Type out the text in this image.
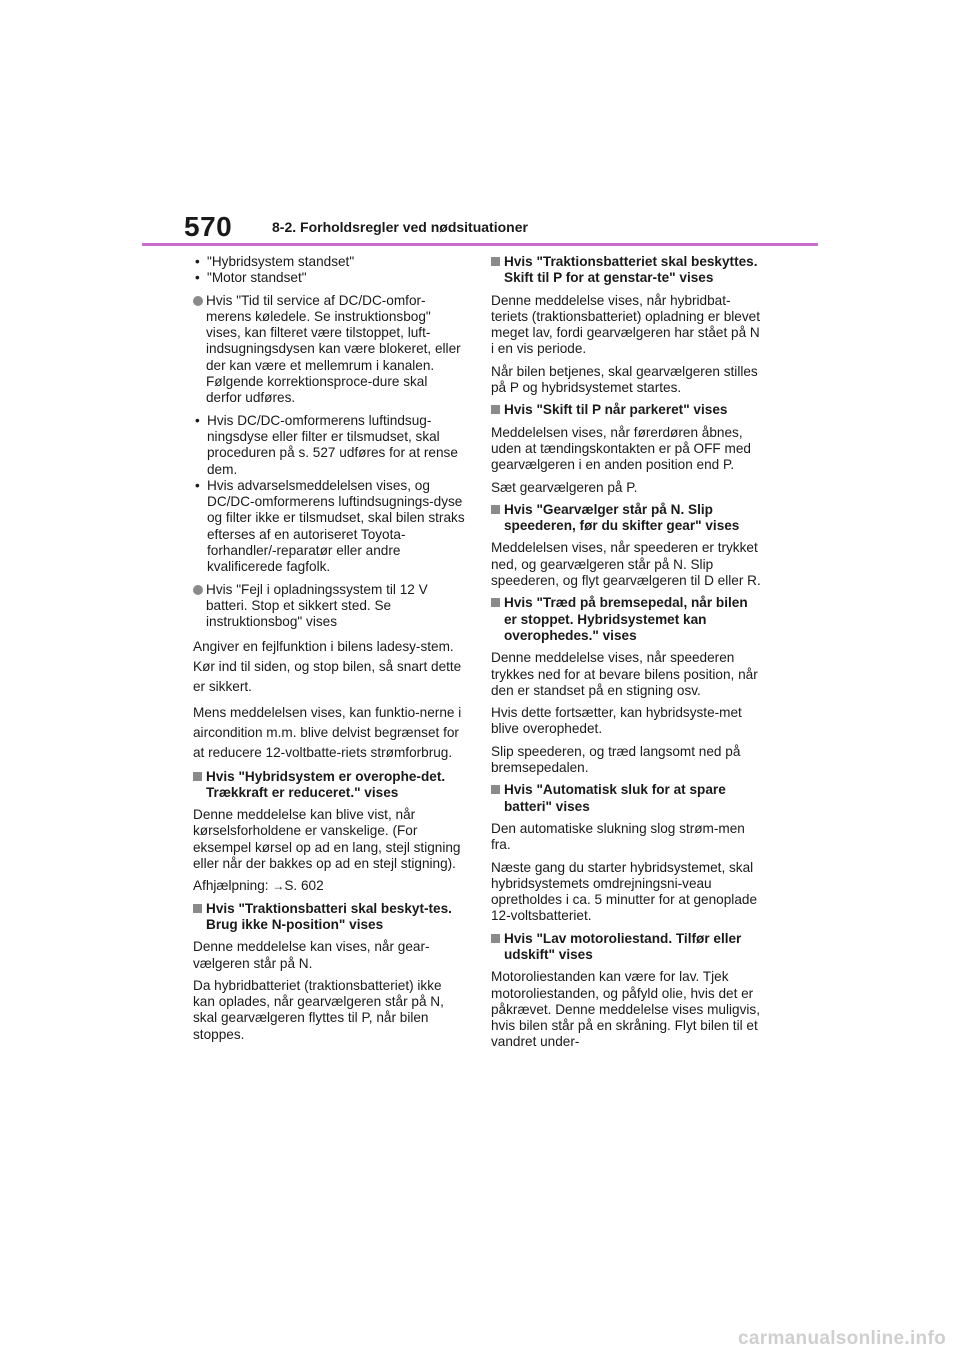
570	8-2. Forholdsregler ved nødsituationer

• "Hybridsystem standset"

• "Motor standset"

Hvis "Tid til service af DC/DC-omfor-merens køledele. Se instruktionsbog" vises, kan filteret være tilstoppet, luft-indsugningsdysen kan være blokeret, eller der kan være et mellemrum i kanalen. Følgende korrektionsproce-dure skal derfor udføres.

• Hvis DC/DC-omformerens luftindsug-ningsdyse eller filter er tilsmudset, skal proceduren på s. 527 udføres for at rense dem.

• Hvis advarselsmeddelelsen vises, og DC/DC-omformerens luftindsugnings-dyse og filter ikke er tilsmudset, skal bilen straks efterses af en autoriseret Toyota-forhandler/-reparatør eller andre kvalificerede fagfolk.

Hvis "Fejl i opladningssystem til 12 V batteri. Stop et sikkert sted. Se instruktionsbog" vises

Angiver en fejlfunktion i bilens ladesy-stem. Kør ind til siden, og stop bilen, så snart dette er sikkert.

Mens meddelelsen vises, kan funktio-nerne i aircondition m.m. blive delvist begrænset for at reducere 12-voltbatte-riets strømforbrug.

Hvis "Hybridsystem er overophe-det. Trækkraft er reduceret." vises

Denne meddelelse kan blive vist, når kørselsforholdene er vanskelige. (For eksempel kørsel op ad en lang, stejl stigning eller når der bakkes op ad en stejl stigning).

Afhjælpning: →S. 602

Hvis "Traktionsbatteri skal beskyt-tes. Brug ikke N-position" vises

Denne meddelelse kan vises, når gear-vælgeren står på N.

Da hybridbatteriet (traktionsbatteriet) ikke kan oplades, når gearvælgeren står på N, skal gearvælgeren flyttes til P, når bilen stoppes.

Hvis "Traktionsbatteriet skal beskyttes. Skift til P for at genstar-te" vises

Denne meddelelse vises, når hybridbat-teriets (traktionsbatteriet) opladning er blevet meget lav, fordi gearvælgeren har stået på N i en vis periode.

Når bilen betjenes, skal gearvælgeren stilles på P og hybridsystemet startes.

Hvis "Skift til P når parkeret" vises

Meddelelsen vises, når førerdøren åbnes, uden at tændingskontakten er på OFF med gearvælgeren i en anden position end P.

Sæt gearvælgeren på P.

Hvis "Gearvælger står på N. Slip speederen, før du skifter gear" vises

Meddelelsen vises, når speederen er trykket ned, og gearvælgeren står på N. Slip speederen, og flyt gearvælgeren til D eller R.

Hvis "Træd på bremsepedal, når bilen er stoppet. Hybridsystemet kan overophedes." vises

Denne meddelelse vises, når speederen trykkes ned for at bevare bilens position, når den er standset på en stigning osv.

Hvis dette fortsætter, kan hybridsyste-met blive overophedet.

Slip speederen, og træd langsomt ned på bremsepedalen.

Hvis "Automatisk sluk for at spare batteri" vises

Den automatiske slukning slog strøm-men fra.

Næste gang du starter hybridsystemet, skal hybridsystemets omdrejningsni-veau opretholdes i ca. 5 minutter for at genoplade 12-voltsbatteriet.

Hvis "Lav motoroliestand. Tilfør eller udskift" vises

Motoroliestanden kan være for lav. Tjek motoroliestanden, og påfyld olie, hvis det er påkrævet. Denne meddelelse vises muligvis, hvis bilen står på en skråning. Flyt bilen til et vandret under-

carmanualsonline.info
